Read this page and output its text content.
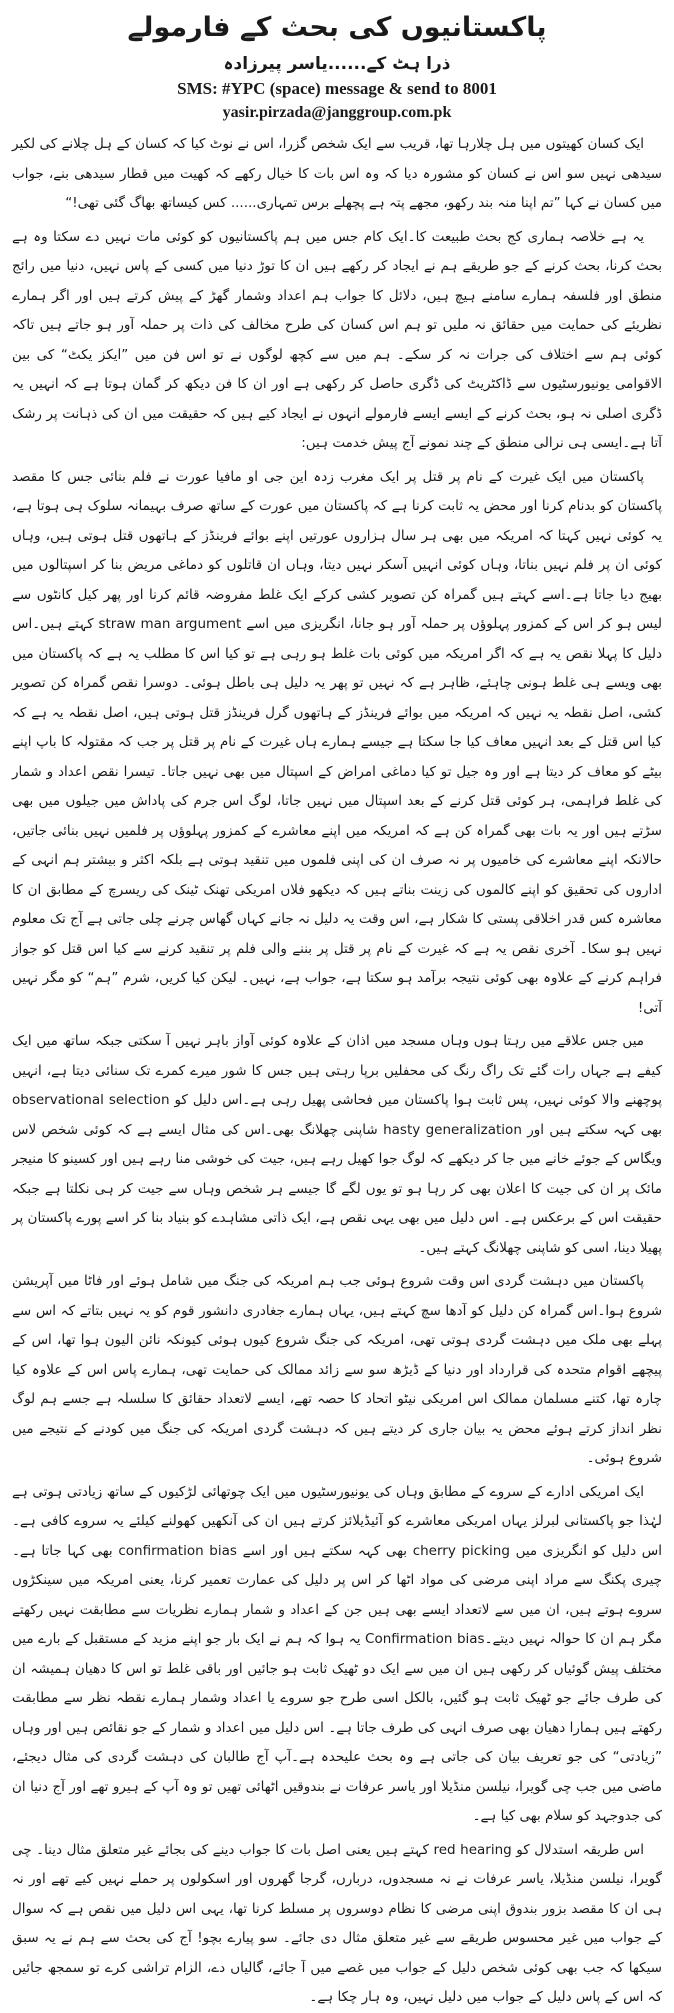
پاکستانیوں کی بحث کے فارمولے
ذرا ہٹ کے......یاسر پیرزادہ
SMS: #YPC (space) message & send to 8001
yasir.pirzada@janggroup.com.pk

ایک کسان کھیتوں میں ہل چلارہا تھا، قریب سے ایک شخص گزرا، اس نے نوٹ کیا کہ کسان کے ہل چلانے کی لکیر سیدھی نہیں سو اس نے کسان کو مشورہ دیا کہ وہ اس بات کا خیال رکھے کہ کھیت میں قطار سیدھی بنے، جواب میں کسان نے کہا ”تم اپنا منہ بند رکھو، مجھے پتہ ہے پچھلے برس تمہاری...... کس کیساتھ بھاگ گئی تھی!“

یہ ہے خلاصہ ہماری کج بحث طبیعت کا۔ایک کام جس میں ہم پاکستانیوں کو کوئی مات نہیں دے سکتا وہ ہے بحث کرنا، بحث کرنے کے جو طریقے ہم نے ایجاد کر رکھے ہیں ان کا توڑ دنیا میں کسی کے پاس نہیں، دنیا میں رائج منطق اور فلسفہ ہمارے سامنے ہیچ ہیں، دلائل کا جواب ہم اعداد وشمار گھڑ کے پیش کرتے ہیں اور اگر ہمارے نظریئے کی حمایت میں حقائق نہ ملیں تو ہم اس کسان کی طرح مخالف کی ذات پر حملہ آور ہو جاتے ہیں تاکہ کوئی ہم سے اختلاف کی جرات نہ کر سکے۔ ہم میں سے کچھ لوگوں نے تو اس فن میں ”ایکز یکٹ“ کی بین الاقوامی یونیورسٹیوں سے ڈاکٹریٹ کی ڈگری حاصل کر رکھی ہے اور ان کا فن دیکھ کر گمان ہوتا ہے کہ انہیں یہ ڈگری اصلی نہ ہو، بحث کرنے کے ایسے ایسے فارمولے انہوں نے ایجاد کیے ہیں کہ حقیقت میں ان کی ذہانت پر رشک آتا ہے۔ایسی ہی نرالی منطق کے چند نمونے آج پیش خدمت ہیں:

پاکستان میں ایک غیرت کے نام پر قتل پر ایک مغرب زدہ این جی او مافیا عورت نے فلم بنائی جس کا مقصد پاکستان کو بدنام کرنا اور محض یہ ثابت کرنا ہے کہ پاکستان میں عورت کے ساتھ صرف بہیمانہ سلوک ہی ہوتا ہے، یہ کوئی نہیں کہتا کہ امریکہ میں بھی ہر سال ہزاروں عورتیں اپنے بوائے فرینڈز کے ہاتھوں قتل ہوتی ہیں، وہاں کوئی ان پر فلم نہیں بناتا، وہاں کوئی انہیں آسکر نہیں دیتا، وہاں ان قاتلوں کو دماغی مریض بنا کر اسپتالوں میں بھیج دیا جاتا ہے۔اسے کہتے ہیں گمراہ کن تصویر کشی کرکے ایک غلط مفروضہ قائم کرنا اور پھر کیل کانٹوں سے لیس ہو کر اس کے کمزور پہلوؤں پر حملہ آور ہو جانا، انگریزی میں اسے straw man argument کہتے ہیں۔اس دلیل کا پہلا نقص یہ ہے کہ اگر امریکہ میں کوئی بات غلط ہو رہی ہے تو کیا اس کا مطلب یہ ہے کہ پاکستان میں بھی ویسے ہی غلط ہونی چاہئے، ظاہر ہے کہ نہیں تو پھر یہ دلیل ہی باطل ہوئی۔ دوسرا نقص گمراہ کن تصویر کشی، اصل نقطہ یہ نہیں کہ امریکہ میں بوائے فرینڈز کے ہاتھوں گرل فرینڈز قتل ہوتی ہیں، اصل نقطہ یہ ہے کہ کیا اس قتل کے بعد انہیں معاف کیا جا سکتا ہے جیسے ہمارے ہاں غیرت کے نام پر قتل پر جب کہ مقتولہ کا باپ اپنے بیٹے کو معاف کر دیتا ہے اور وہ جیل تو کیا دماغی امراض کے اسپتال میں بھی نہیں جاتا۔ تیسرا نقص اعداد و شمار کی غلط فراہمی، ہر کوئی قتل کرنے کے بعد اسپتال میں نہیں جاتا، لوگ اس جرم کی پاداش میں جیلوں میں بھی سڑتے ہیں اور یہ بات بھی گمراہ کن ہے کہ امریکہ میں اپنے معاشرے کے کمزور پہلوؤں پر فلمیں نہیں بنائی جاتیں، حالانکہ اپنے معاشرے کی خامیوں پر نہ صرف ان کی اپنی فلموں میں تنقید ہوتی ہے بلکہ اکثر و بیشتر ہم انہی کے اداروں کی تحقیق کو اپنے کالموں کی زینت بناتے ہیں کہ دیکھو فلاں امریکی تھنک ٹینک کی ریسرچ کے مطابق ان کا معاشرہ کس قدر اخلاقی پستی کا شکار ہے، اس وقت یہ دلیل نہ جانے کہاں گھاس چرنے چلی جاتی ہے آج تک معلوم نہیں ہو سکا۔ آخری نقص یہ ہے کہ غیرت کے نام پر قتل پر بننے والی فلم پر تنقید کرنے سے کیا اس قتل کو جواز فراہم کرنے کے علاوہ بھی کوئی نتیجہ برآمد ہو سکتا ہے، جواب ہے، نہیں۔ لیکن کیا کریں، شرم ”ہم“ کو مگر نہیں آتی!

میں جس علاقے میں رہتا ہوں وہاں مسجد میں اذان کے علاوہ کوئی آواز باہر نہیں آ سکتی جبکہ ساتھ میں ایک کیفے ہے جہاں رات گئے تک راگ رنگ کی محفلیں برپا رہتی ہیں جس کا شور میرے کمرے تک سنائی دیتا ہے، انہیں پوچھنے والا کوئی نہیں، پس ثابت ہوا پاکستان میں فحاشی پھیل رہی ہے۔اس دلیل کو observational selection بھی کہہ سکتے ہیں اور hasty generalization شاپنی چھلانگ بھی۔اس کی مثال ایسے ہے کہ کوئی شخص لاس ویگاس کے جوئے خانے میں جا کر دیکھے کہ لوگ جوا کھیل رہے ہیں، جیت کی خوشی منا رہے ہیں اور کسینو کا منیجر مائک پر ان کی جیت کا اعلان بھی کر رہا ہو تو یوں لگے گا جیسے ہر شخص وہاں سے جیت کر ہی نکلتا ہے جبکہ حقیقت اس کے برعکس ہے۔ اس دلیل میں بھی یہی نقص ہے، ایک ذاتی مشاہدے کو بنیاد بنا کر اسے پورے پاکستان پر پھیلا دینا، اسی کو شاپنی چھلانگ کہتے ہیں۔

پاکستان میں دہشت گردی اس وقت شروع ہوئی جب ہم امریکہ کی جنگ میں شامل ہوئے اور فاٹا میں آپریشن شروع ہوا۔اس گمراہ کن دلیل کو آدھا سچ کہتے ہیں، یہاں ہمارے جغادری دانشور قوم کو یہ نہیں بتاتے کہ اس سے پہلے بھی ملک میں دہشت گردی ہوتی تھی، امریکہ کی جنگ شروع کیوں ہوئی کیونکہ نائن الیون ہوا تھا، اس کے پیچھے اقوام متحدہ کی قرارداد اور دنیا کے ڈیڑھ سو سے زائد ممالک کی حمایت تھی، ہمارے پاس اس کے علاوہ کیا چارہ تھا، کتنے مسلمان ممالک اس امریکی نیٹو اتحاد کا حصہ تھے، ایسے لاتعداد حقائق کا سلسلہ ہے جسے ہم لوگ نظر انداز کرتے ہوئے محض یہ بیان جاری کر دیتے ہیں کہ دہشت گردی امریکہ کی جنگ میں کودنے کے نتیجے میں شروع ہوئی۔

ایک امریکی ادارے کے سروے کے مطابق وہاں کی یونیورسٹیوں میں ایک چوتھائی لڑکیوں کے ساتھ زیادتی ہوتی ہے لہٰذا جو پاکستانی لبرلز یہاں امریکی معاشرے کو آئیڈیلائز کرتے ہیں ان کی آنکھیں کھولنے کیلئے یہ سروے کافی ہے۔اس دلیل کو انگریزی میں cherry picking بھی کہہ سکتے ہیں اور اسے confirmation bias بھی کہا جاتا ہے۔ چیری پکنگ سے مراد اپنی مرضی کی مواد اٹھا کر اس پر دلیل کی عمارت تعمیر کرنا، یعنی امریکہ میں سینکڑوں سروے ہوتے ہیں، ان میں سے لاتعداد ایسے بھی ہیں جن کے اعداد و شمار ہمارے نظریات سے مطابقت نہیں رکھتے مگر ہم ان کا حوالہ نہیں دیتے۔Confirmation bias یہ ہوا کہ ہم نے ایک بار جو اپنے مزید کے مستقبل کے بارے میں مختلف پیش گوئیاں کر رکھی ہیں ان میں سے ایک دو ٹھیک ثابت ہو جائیں اور باقی غلط تو اس کا دھیان ہمیشہ ان کی طرف جائے جو ٹھیک ثابت ہو گئیں، بالکل اسی طرح جو سروے یا اعداد وشمار ہمارے نقطہ نظر سے مطابقت رکھتے ہیں ہمارا دھیان بھی صرف انہی کی طرف جاتا ہے۔ اس دلیل میں اعداد و شمار کے جو نقائص ہیں اور وہاں ”زیادتی“ کی جو تعریف بیان کی جاتی ہے وہ بحث علیحدہ ہے۔آپ آج طالبان کی دہشت گردی کی مثال دیجئے، ماضی میں جب چی گویرا، نیلسن منڈیلا اور یاسر عرفات نے بندوقیں اٹھائی تھیں تو وہ آپ کے ہیرو تھے اور آج دنیا ان کی جدوجہد کو سلام بھی کیا ہے۔

اس طریقہ استدلال کو red hearing کہتے ہیں یعنی اصل بات کا جواب دینے کی بجائے غیر متعلق مثال دینا۔ چی گویرا، نیلسن منڈیلا، یاسر عرفات نے نہ مسجدوں، دربارں، گرجا گھروں اور اسکولوں پر حملے نہیں کیے تھے اور نہ ہی ان کا مقصد بزور بندوق اپنی مرضی کا نظام دوسروں پر مسلط کرنا تھا، یہی اس دلیل میں نقص ہے کہ سوال کے جواب میں غیر محسوس طریقے سے غیر متعلق مثال دی جائے۔ سو پیارے بچو! آج کی بحث سے ہم نے یہ سبق سیکھا کہ جب بھی کوئی شخص دلیل کے جواب میں غصے میں آ جائے، گالیاں دے، الزام تراشی کرے تو سمجھ جائیں کہ اس کے پاس دلیل کے جواب میں دلیل نہیں، وہ ہار چکا ہے۔
